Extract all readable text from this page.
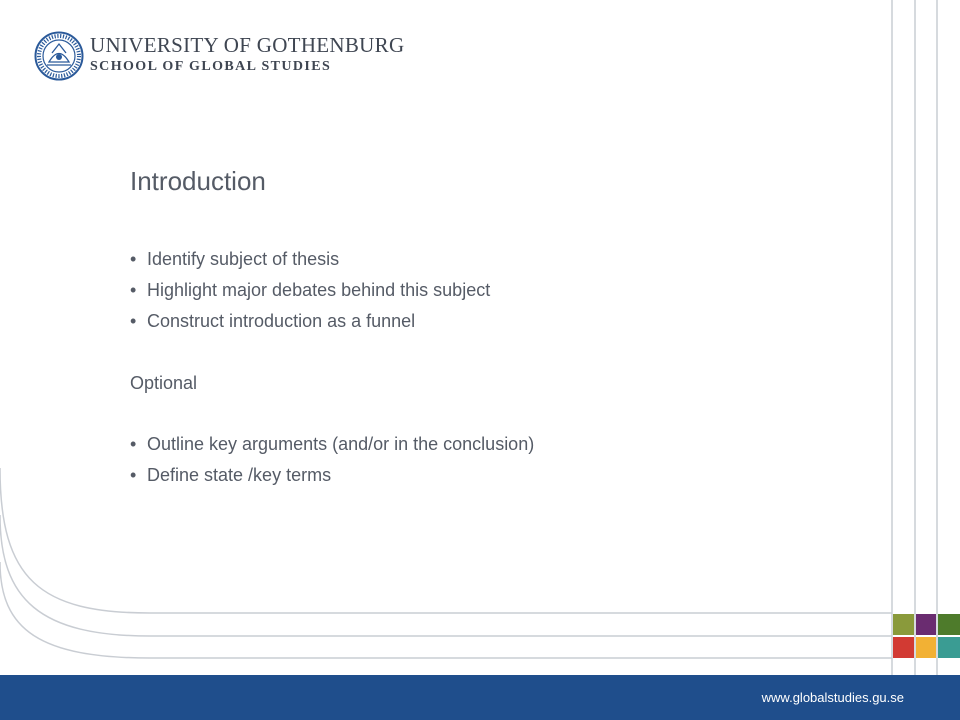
UNIVERSITY OF GOTHENBURG
SCHOOL OF GLOBAL STUDIES
Introduction
• Identify subject of thesis
• Highlight major debates behind this subject
• Construct introduction as a funnel
Optional
• Outline key arguments (and/or in the conclusion)
• Define state /key terms
www.globalstudies.gu.se
